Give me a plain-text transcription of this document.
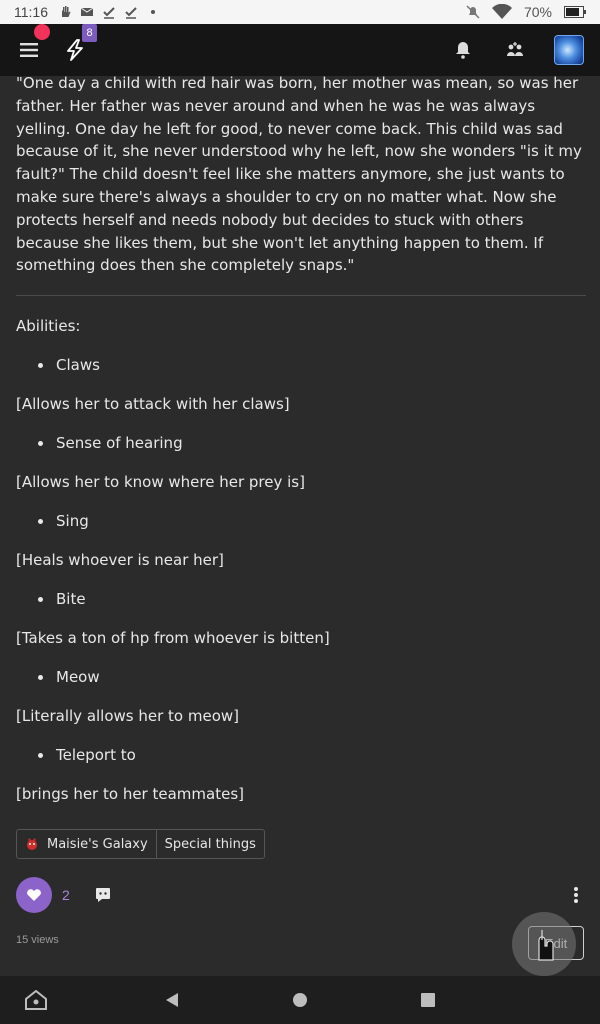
11:16	70%
8

"One day a child with red hair was born, her mother was mean, so was her father. Her father was never around and when he was he was always yelling. One day he left for good, to never come back. This child was sad because of it, she never understood why he left, now she wonders "is it my fault?" The child doesn't feel like she matters anymore, she just wants to make sure there's always a shoulder to cry on no matter what. Now she protects herself and needs nobody but decides to stuck with others because she likes them, but she won't let anything happen to them. If something does then she completely snaps."

Abilities:

Claws

[Allows her to attack with her claws]

Sense of hearing

[Allows her to know where her prey is]

Sing

[Heals whoever is near her]

Bite

[Takes a ton of hp from whoever is bitten]

Meow

[Literally allows her to meow]

Teleport to

[brings her to her teammates]

Maisie's Galaxy Special things
2
15 views
